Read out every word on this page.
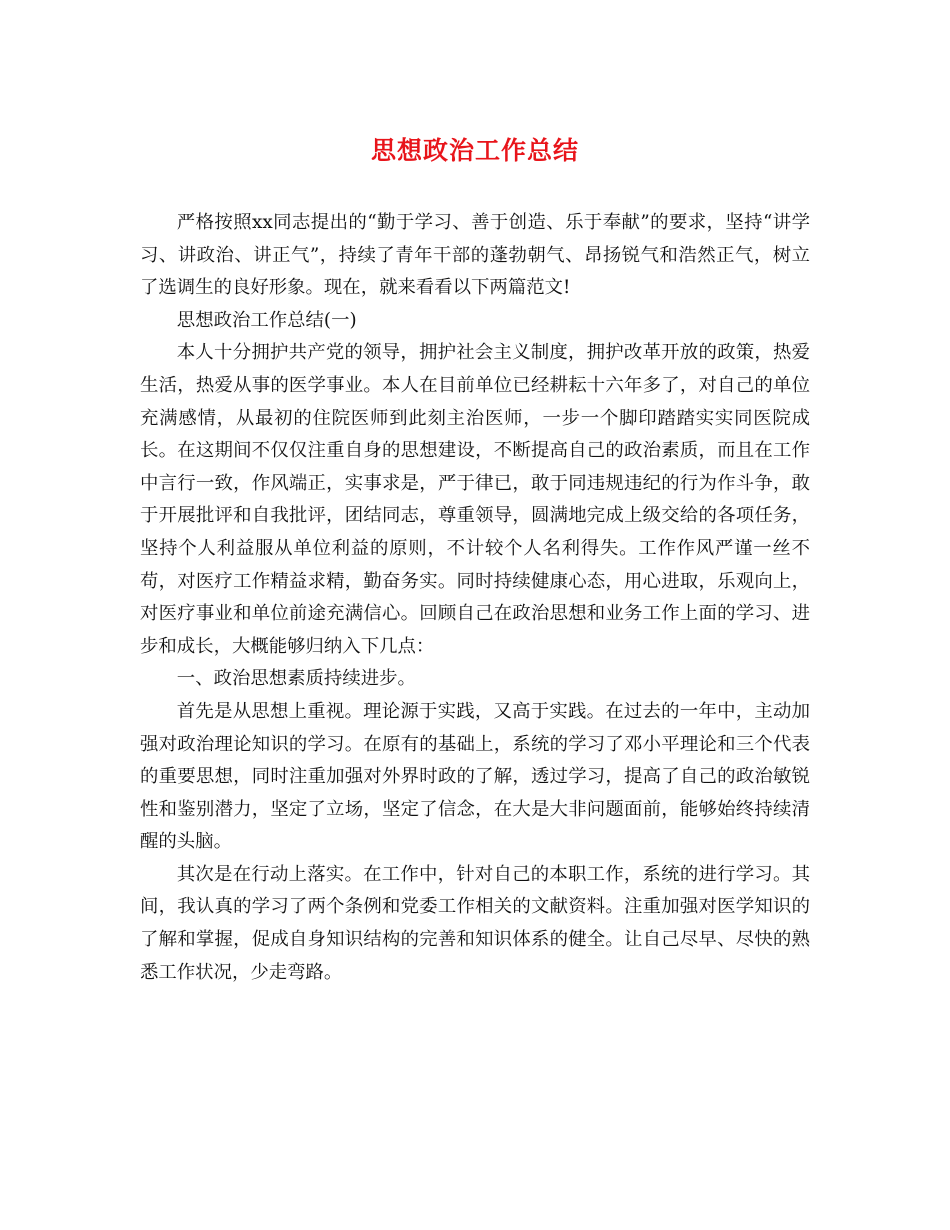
思想政治工作总结

严格按照xx同志提出的“勤于学习、善于创造、乐于奉献”的要求，坚持“讲学习、讲政治、讲正气”，持续了青年干部的蓬勃朝气、昂扬锐气和浩然正气，树立了选调生的良好形象。现在，就来看看以下两篇范文!

思想政治工作总结(一)

本人十分拥护共产党的领导，拥护社会主义制度，拥护改革开放的政策，热爱生活，热爱从事的医学事业。本人在目前单位已经耕耘十六年多了，对自己的单位充满感情，从最初的住院医师到此刻主治医师，一步一个脚印踏踏实实同医院成长。在这期间不仅仅注重自身的思想建设，不断提高自己的政治素质，而且在工作中言行一致，作风端正，实事求是，严于律已，敢于同违规违纪的行为作斗争，敢于开展批评和自我批评，团结同志，尊重领导，圆满地完成上级交给的各项任务，坚持个人利益服从单位利益的原则，不计较个人名利得失。工作作风严谨一丝不苟，对医疗工作精益求精，勤奋务实。同时持续健康心态，用心进取，乐观向上，对医疗事业和单位前途充满信心。回顾自己在政治思想和业务工作上面的学习、进步和成长，大概能够归纳入下几点：

一、政治思想素质持续进步。

首先是从思想上重视。理论源于实践，又高于实践。在过去的一年中，主动加强对政治理论知识的学习。在原有的基础上，系统的学习了邓小平理论和三个代表的重要思想，同时注重加强对外界时政的了解，透过学习，提高了自己的政治敏锐性和鉴别潜力，坚定了立场，坚定了信念，在大是大非问题面前，能够始终持续清醒的头脑。

其次是在行动上落实。在工作中，针对自己的本职工作，系统的进行学习。其间，我认真的学习了两个条例和党委工作相关的文献资料。注重加强对医学知识的了解和掌握，促成自身知识结构的完善和知识体系的健全。让自己尽早、尽快的熟悉工作状况，少走弯路。
